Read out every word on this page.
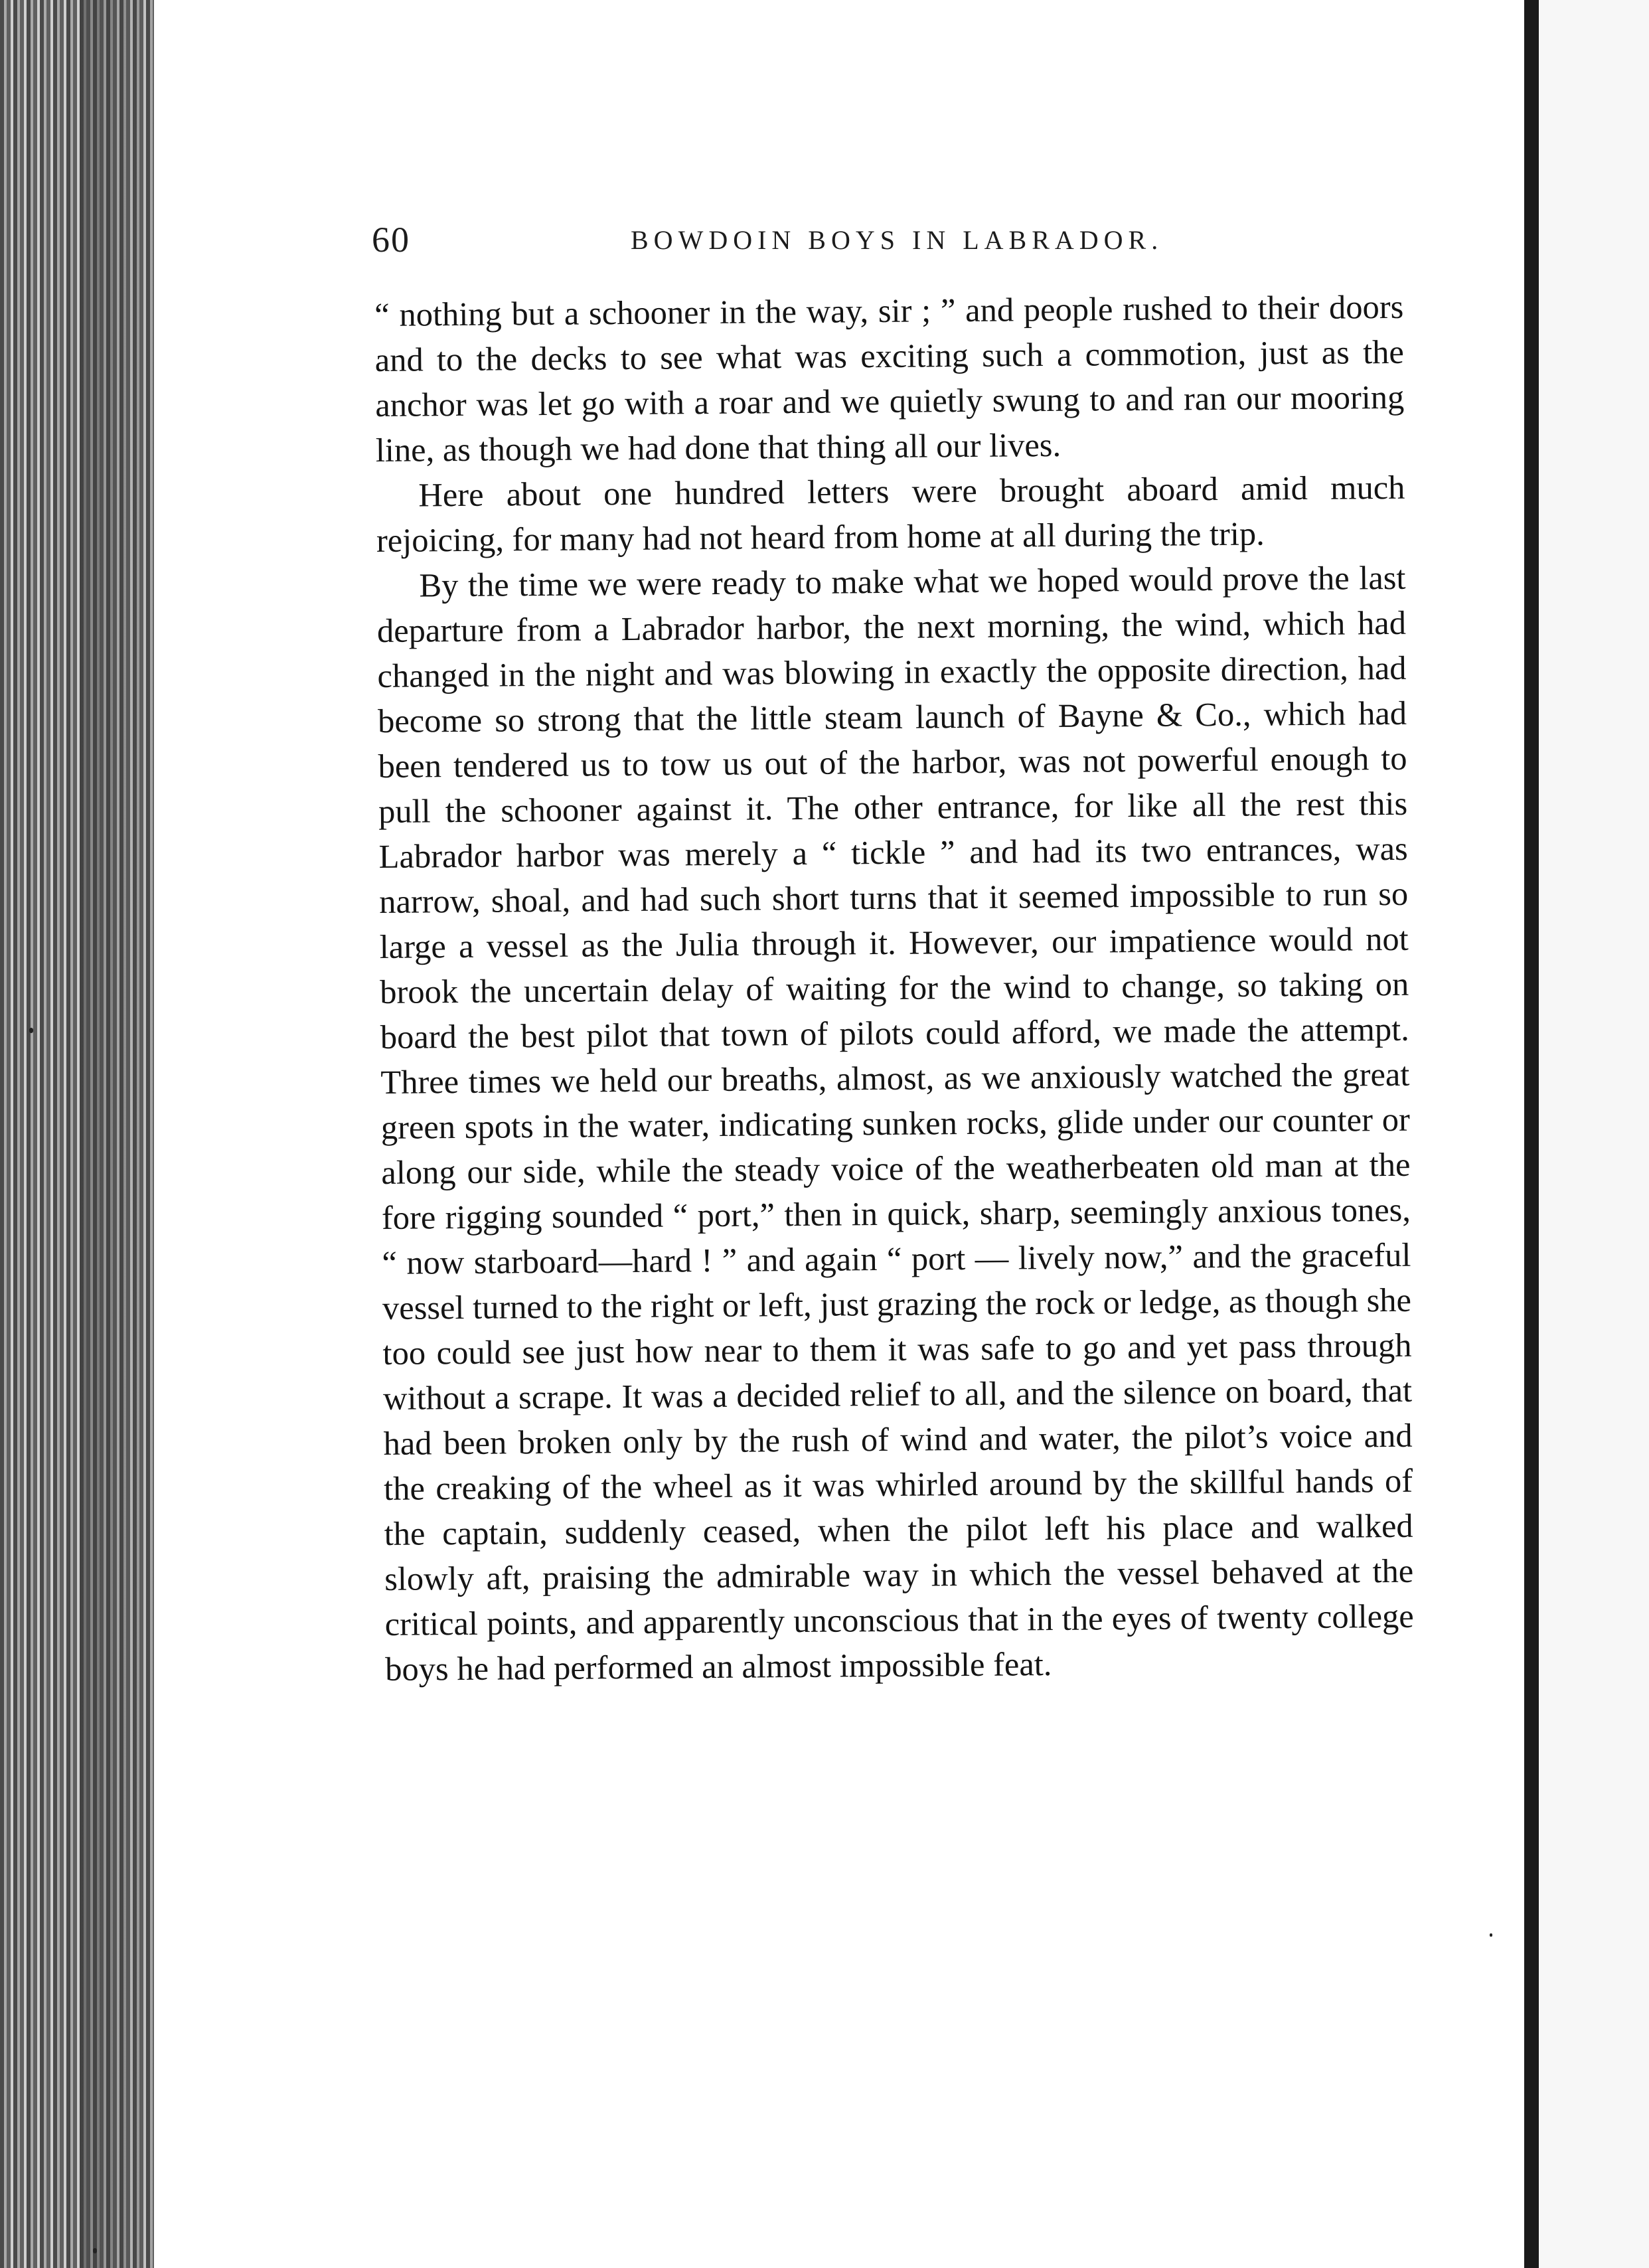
60	BOWDOIN BOYS IN LABRADOR.

“ nothing but a schooner in the way, sir ; ” and people rushed to their doors and to the decks to see what was exciting such a commotion, just as the anchor was let go with a roar and we quietly swung to and ran our mooring line, as though we had done that thing all our lives.

Here about one hundred letters were brought aboard amid much rejoicing, for many had not heard from home at all during the trip.

By the time we were ready to make what we hoped would prove the last departure from a Labrador harbor, the next morning, the wind, which had changed in the night and was blowing in exactly the opposite direction, had become so strong that the little steam launch of Bayne & Co., which had been tendered us to tow us out of the harbor, was not powerful enough to pull the schooner against it. The other entrance, for like all the rest this Labrador harbor was merely a “ tickle ” and had its two entrances, was narrow, shoal, and had such short turns that it seemed impossible to run so large a vessel as the Julia through it. However, our impatience would not brook the uncertain delay of waiting for the wind to change, so taking on board the best pilot that town of pilots could afford, we made the attempt. Three times we held our breaths, almost, as we anxiously watched the great green spots in the water, indicating sunken rocks, glide under our counter or along our side, while the steady voice of the weatherbeaten old man at the fore rigging sounded “ port,” then in quick, sharp, seemingly anxious tones, “ now starboard—hard ! ” and again “ port — lively now,” and the graceful vessel turned to the right or left, just grazing the rock or ledge, as though she too could see just how near to them it was safe to go and yet pass through without a scrape. It was a decided relief to all, and the silence on board, that had been broken only by the rush of wind and water, the pilot’s voice and the creaking of the wheel as it was whirled around by the skillful hands of the captain, suddenly ceased, when the pilot left his place and walked slowly aft, praising the admirable way in which the vessel behaved at the critical points, and apparently unconscious that in the eyes of twenty college boys he had performed an almost impossible feat.
